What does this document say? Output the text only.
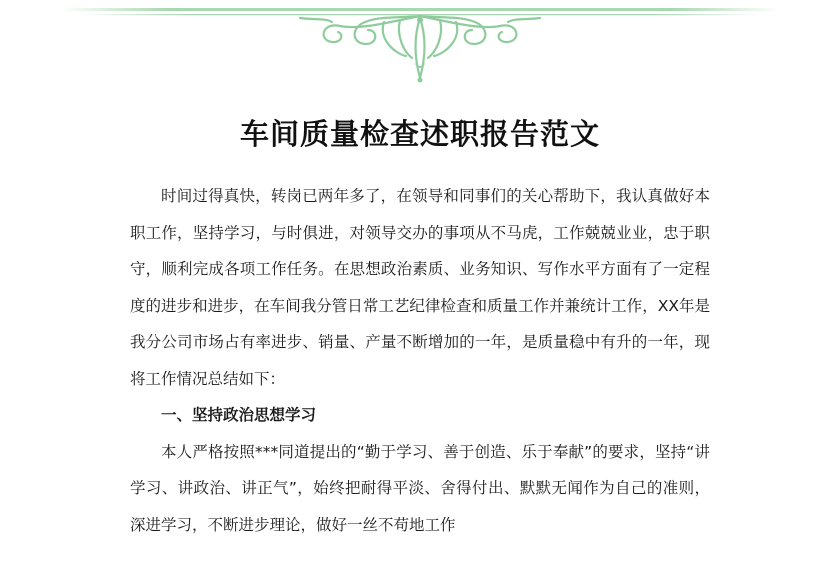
车间质量检查述职报告范文

时间过得真快，转岗已两年多了，在领导和同事们的关心帮助下，我认真做好本职工作，坚持学习，与时俱进，对领导交办的事项从不马虎，工作兢兢业业，忠于职守，顺利完成各项工作任务。在思想政治素质、业务知识、写作水平方面有了一定程度的进步和进步，在车间我分管日常工艺纪律检查和质量工作并兼统计工作，XX年是我分公司市场占有率进步、销量、产量不断增加的一年，是质量稳中有升的一年，现将工作情况总结如下：

一、坚持政治思想学习

本人严格按照***同道提出的“勤于学习、善于创造、乐于奉献”的要求，坚持“讲学习、讲政治、讲正气”，始终把耐得平淡、舍得付出、默默无闻作为自己的准则，深进学习，不断进步理论，做好一丝不苟地工作
